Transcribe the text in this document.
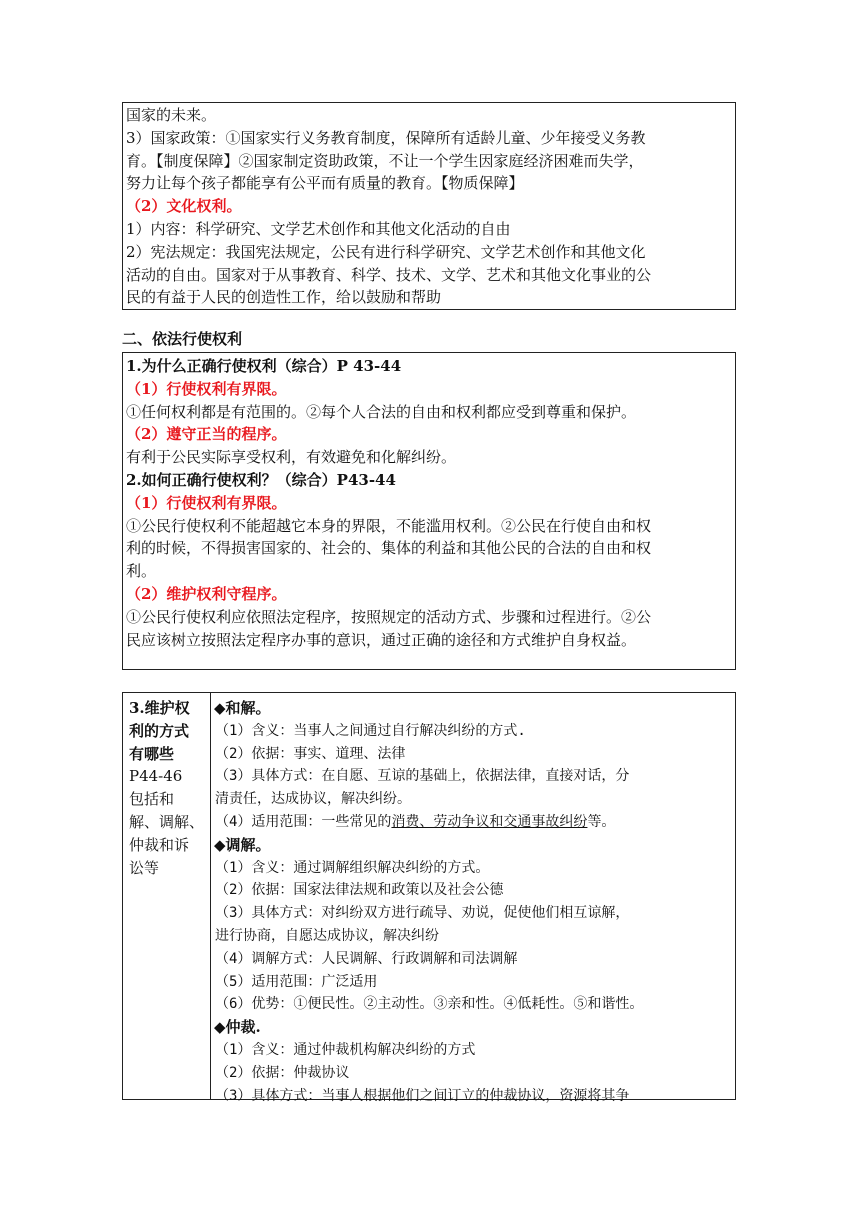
国家的未来。
3）国家政策：①国家实行义务教育制度，保障所有适龄儿童、少年接受义务教
育。【制度保障】②国家制定资助政策，不让一个学生因家庭经济困难而失学，
努力让每个孩子都能享有公平而有质量的教育。【物质保障】
（2）文化权利。
1）内容：科学研究、文学艺术创作和其他文化活动的自由
2）宪法规定：我国宪法规定，公民有进行科学研究、文学艺术创作和其他文化
活动的自由。国家对于从事教育、科学、技术、文学、艺术和其他文化事业的公
民的有益于人民的创造性工作，给以鼓励和帮助
二、依法行使权利
1.为什么正确行使权利（综合）P 43-44
（1）行使权利有界限。
①任何权利都是有范围的。②每个人合法的自由和权利都应受到尊重和保护。
（2）遵守正当的程序。
有利于公民实际享受权利，有效避免和化解纠纷。
2.如何正确行使权利？（综合）P43-44
（1）行使权利有界限。
①公民行使权利不能超越它本身的界限，不能滥用权利。②公民在行使自由和权
利的时候，不得损害国家的、社会的、集体的利益和其他公民的合法的自由和权
利。
（2）维护权利守程序。
①公民行使权利应依照法定程序，按照规定的活动方式、步骤和过程进行。②公
民应该树立按照法定程序办事的意识，通过正确的途径和方式维护自身权益。
3.维护权
利的方式
有哪些
P44-46
包括和
解、调解、
仲裁和诉
讼等
◆和解。
（1）含义：当事人之间通过自行解决纠纷的方式.
（2）依据：事实、道理、法律
（3）具体方式：在自愿、互谅的基础上，依据法律，直接对话，分
清责任，达成协议，解决纠纷。
（4）适用范围：一些常见的消费、劳动争议和交通事故纠纷等。
◆调解。
（1）含义：通过调解组织解决纠纷的方式。
（2）依据：国家法律法规和政策以及社会公德
（3）具体方式：对纠纷双方进行疏导、劝说，促使他们相互谅解，
进行协商，自愿达成协议，解决纠纷
（4）调解方式：人民调解、行政调解和司法调解
（5）适用范围：广泛适用
（6）优势：①便民性。②主动性。③亲和性。④低耗性。⑤和谐性。
◆仲裁.
（1）含义：通过仲裁机构解决纠纷的方式
（2）依据：仲裁协议
（3）具体方式：当事人根据他们之间订立的仲裁协议，资源将其争
